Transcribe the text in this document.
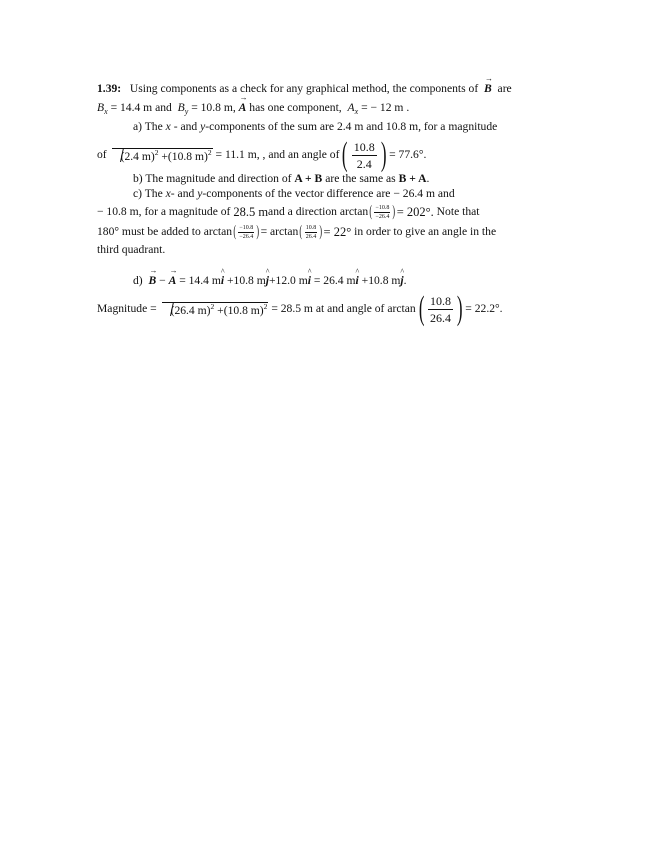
1.39: Using components as a check for any graphical method, the components of → B are
$B_x = 14.4$ m and $B_y = 10.8$ m, → A has one component, $A_x$ = − 12 m .
a) The x - and y-components of the sum are 2.4 m and 10.8 m, for a magnitude
of
	(2.4 m)$^2$ +(10.8 m)$^2$
= 11.1 m, , and an angle of ( $\frac{10.8}{2.4}$ ) = 77.6°.
b) The magnitude and direction of A + B are the same as B + A.
c) The x- and y-components of the vector difference are − 26.4 m and
− 10.8 m, for a magnitude of
28.5 m and a direction arctan ( $\frac{-10.8}{-26.4}$ ) = 202°.
Note that
180° must be added to
arctan ( $\frac{-10.8}{-26.4}$ ) = arctan ( $\frac{10.8}{26.4}$ ) = 22°
in order to give an angle in the
third quadrant.
d) → B − → A = 14.4 m^ i +10.8 m^ j+12.0 m^ i = 26.4 m^ i +10.8 m^ j.
Magnitude =
	(26.4 m)$^2$ +(10.8 m)$^2$
= 28.5 m at and angle of arctan ( $\frac{10.8}{26.4}$ ) = 22.2°.
